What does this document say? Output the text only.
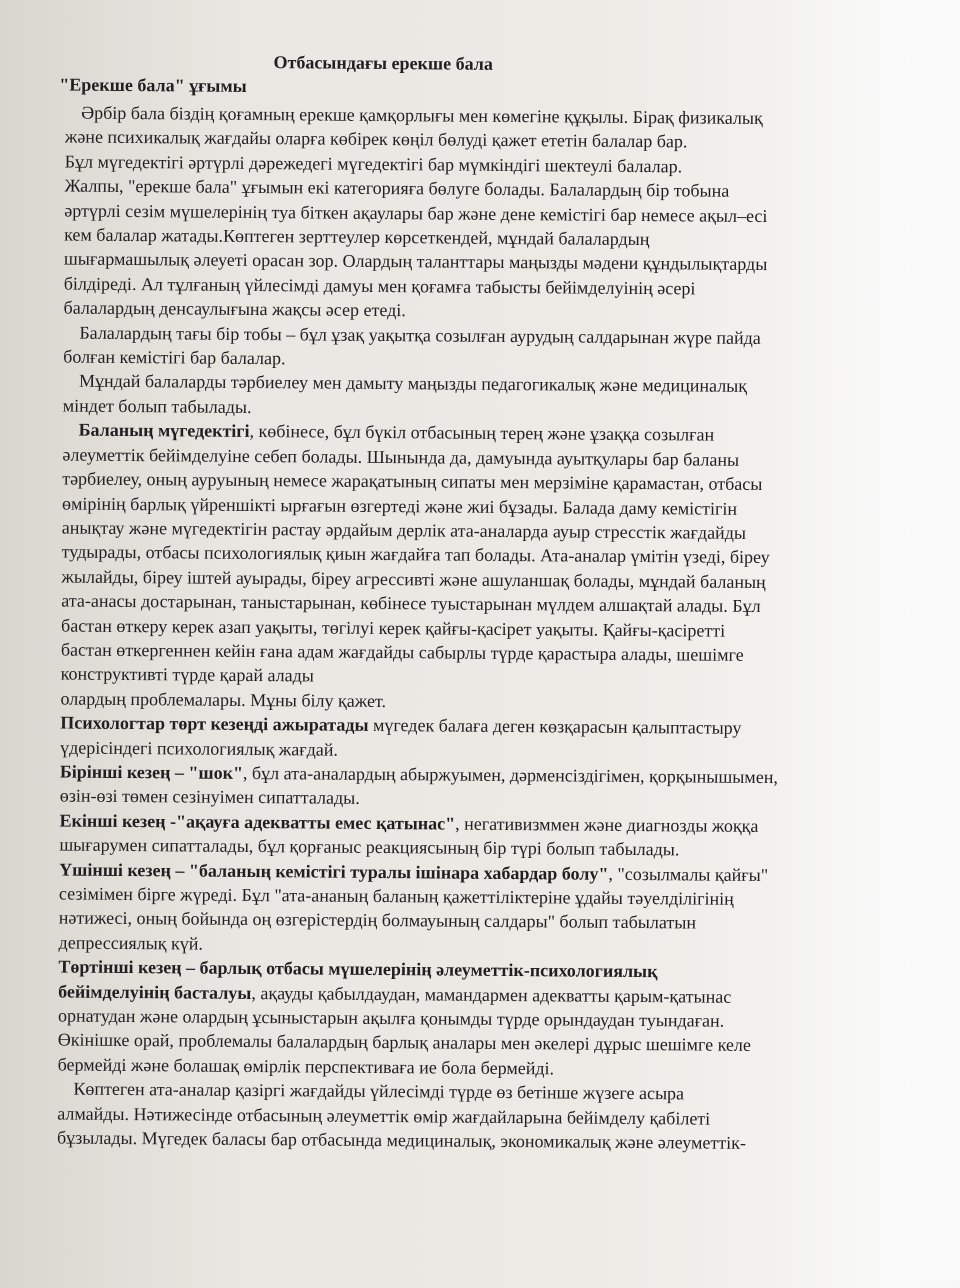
Отбасындағы ерекше бала
"Ерекше бала" ұғымы

Әрбір бала біздің қоғамның ерекше қамқорлығы мен көмегіне құқылы. Бірақ физикалық

және психикалық жағдайы оларға көбірек көңіл бөлуді қажет ететін балалар бар.

Бұл мүгедектігі әртүрлі дәрежедегі мүгедектігі бар мүмкіндігі шектеулі балалар.

Жалпы, "ерекше бала" ұғымын екі категорияға бөлуге болады. Балалардың бір тобына

әртүрлі сезім мүшелерінің туа біткен ақаулары бар және дене кемістігі бар немесе ақыл–есі

кем балалар жатады.Көптеген зерттеулер көрсеткендей, мұндай балалардың

шығармашылық әлеуеті орасан зор. Олардың таланттары маңызды мәдени құндылықтарды

білдіреді. Ал тұлғаның үйлесімді дамуы мен қоғамға табысты бейімделуінің әсері

балалардың денсаулығына жақсы әсер етеді.

Балалардың тағы бір тобы – бұл ұзақ уақытқа созылған аурудың салдарынан жүре пайда

болған кемістігі бар балалар.

Мұндай балаларды тәрбиелеу мен дамыту маңызды педагогикалық және медициналық

міндет болып табылады.

Баланың мүгедектігі, көбінесе, бұл бүкіл отбасының терең және ұзаққа созылған

әлеуметтік бейімделуіне себеп болады. Шынында да, дамуында ауытқулары бар баланы

тәрбиелеу, оның ауруының немесе жарақатының сипаты мен мерзіміне қарамастан, отбасы

өмірінің барлық үйреншікті ырғағын өзгертеді және жиі бұзады. Балада даму кемістігін

анықтау және мүгедектігін растау әрдайым дерлік ата-аналарда ауыр стресстік жағдайды

тудырады, отбасы психологиялық қиын жағдайға тап болады. Ата-аналар үмітін үзеді, біреу

жылайды, біреу іштей ауырады, біреу агрессивті және ашуланшақ болады, мұндай баланың

ата-анасы достарынан, таныстарынан, көбінесе туыстарынан мүлдем алшақтай алады. Бұл

бастан өткеру керек азап уақыты, төгілуі керек қайғы-қасірет уақыты. Қайғы-қасіретті

бастан өткергеннен кейін ғана адам жағдайды сабырлы түрде қарастыра алады, шешімге

конструктивті түрде қарай алады

олардың проблемалары. Мұны білу қажет.

Психологтар төрт кезеңді ажыратады мүгедек балаға деген көзқарасын қалыптастыру

үдерісіндегі психологиялық жағдай.

Бірінші кезең – "шок", бұл ата-аналардың абыржуымен, дәрменсіздігімен, қорқынышымен,

өзін-өзі төмен сезінуімен сипатталады.

Екінші кезең -"ақауға адекватты емес қатынас", негативизммен және диагнозды жоққа

шығарумен сипатталады, бұл қорғаныс реакциясының бір түрі болып табылады.

Үшінші кезең – "баланың кемістігі туралы ішінара хабардар болу", "созылмалы қайғы"

сезімімен бірге жүреді. Бұл "ата-ананың баланың қажеттіліктеріне ұдайы тәуелділігінің

нәтижесі, оның бойында оң өзгерістердің болмауының салдары" болып табылатын

депрессиялық күй.

Төртінші кезең – барлық отбасы мүшелерінің әлеуметтік-психологиялық

бейімделуінің басталуы, ақауды қабылдаудан, мамандармен адекватты қарым-қатынас

орнатудан және олардың ұсыныстарын ақылға қонымды түрде орындаудан туындаған.

Өкінішке орай, проблемалы балалардың барлық аналары мен әкелері дұрыс шешімге келе

бермейді және болашақ өмірлік перспективаға ие бола бермейді.

Көптеген ата-аналар қазіргі жағдайды үйлесімді түрде өз бетінше жүзеге асыра

алмайды. Нәтижесінде отбасының әлеуметтік өмір жағдайларына бейімделу қабілеті

бұзылады. Мүгедек баласы бар отбасында медициналық, экономикалық және әлеуметтік-
